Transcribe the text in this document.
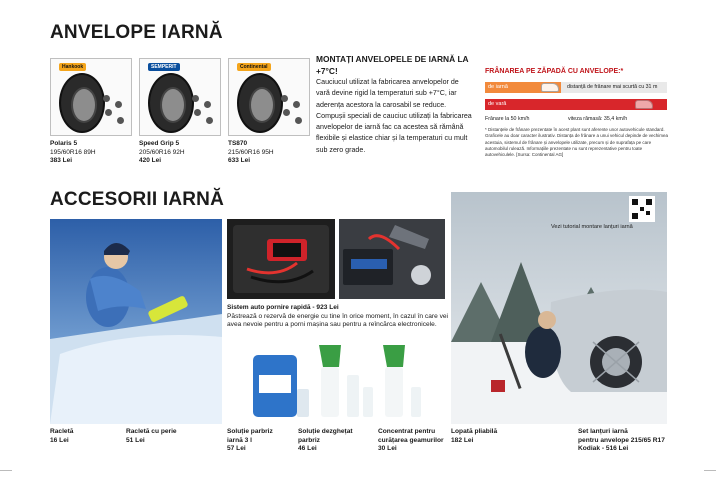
ANVELOPE IARNĂ
ACCESORII IARNĂ
Hankook	SEMPERIT	Continental
Polaris 5
195/60R16 89H
383 Lei
Speed Grip 5
205/60R16 92H
420 Lei
TS870
215/60R16 95H
633 Lei
MONTAȚI ANVELOPELE DE IARNĂ LA +7°C!
Cauciucul utilizat la fabricarea anvelopelor de vară devine rigid la temperaturi sub +7°C, iar aderența acestora la carosabil se reduce. Compușii speciali de cauciuc utilizați la fabricarea anvelopelor de iarnă fac ca acestea să rămână flexibile și elastice chiar și la temperaturi cu mult sub zero grade.
FRÂNAREA PE ZĂPADĂ CU ANVELOPE:*
de iarnă	distanță de frânare mai scurtă cu 31 m
de vară
Frânare la 50 km/h	viteza rămasă: 35,4 km/h
* Distanțele de frânare prezentate în acest plant sunt aferente unor autovehicule standard. Graficele au doar caracter ilustrativ. Distanța de frânare a unui vehicul depinde de vechimea acestuia, sistemul de frânare și anvelopele utilizate, precum și de suprafața pe care automobilul rulează. Informațiile prezentate nu sunt reprezentative pentru toate autovehiculele. [Sursa: Continental AG]
Sistem auto pornire rapidă - 923 Lei
Păstrează o rezervă de energie cu tine în orice moment, în cazul în care vei avea nevoie pentru a porni mașina sau pentru a reîncărca electronicele.
Vezi tutorial montare lanțuri iarnă
Racletă
16 Lei
Racletă cu perie
51 Lei
Soluție parbriz
iarnă 3 l
57 Lei
Soluție dezghețat
parbriz
46 Lei
Concentrat pentru
curățarea geamurilor
30 Lei
Lopată pliabilă
182 Lei
Set lanțuri iarnă
pentru anvelope 215/65 R17
Kodiak - 516 Lei
